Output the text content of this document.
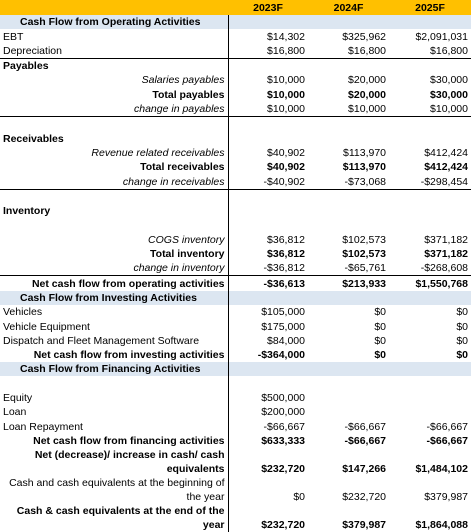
	2023F	2024F	2025F
Cash Flow from Operating Activities			
EBT	$14,302	$325,962	$2,091,031
Depreciation	$16,800	$16,800	$16,800
Payables			
Salaries payables	$10,000	$20,000	$30,000
Total payables	$10,000	$20,000	$30,000
change in payables	$10,000	$10,000	$10,000

Receivables			
Revenue related receivables	$40,902	$113,970	$412,424
Total receivables	$40,902	$113,970	$412,424
change in receivables	-$40,902	-$73,068	-$298,454

Inventory			

COGS inventory	$36,812	$102,573	$371,182
Total inventory	$36,812	$102,573	$371,182
change in inventory	-$36,812	-$65,761	-$268,608
Net cash flow from operating activities	-$36,613	$213,933	$1,550,768
Cash Flow from Investing Activities			
Vehicles	$105,000	$0	$0
Vehicle Equipment	$175,000	$0	$0
Dispatch and Fleet Management Software	$84,000	$0	$0
Net cash flow from investing activities	-$364,000	$0	$0
Cash Flow from Financing Activities			

Equity	$500,000		
Loan	$200,000		
Loan Repayment	-$66,667	-$66,667	-$66,667
Net cash flow from financing activities	$633,333	-$66,667	-$66,667
Net (decrease)/ increase in cash/ cash equivalents	$232,720	$147,266	$1,484,102
Cash and cash equivalents at the beginning of the year	$0	$232,720	$379,987
Cash & cash equivalents at the end of the year	$232,720	$379,987	$1,864,088
